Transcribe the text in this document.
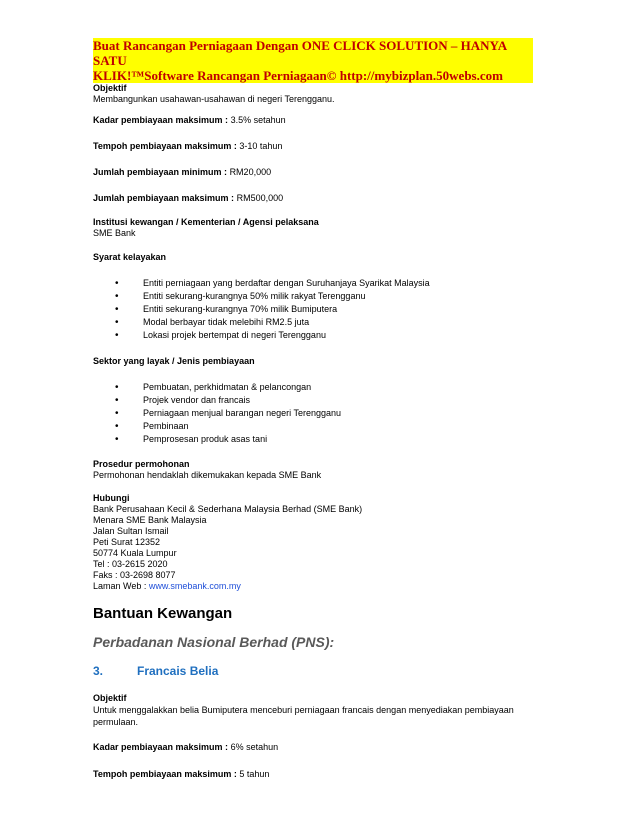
Buat Rancangan Perniagaan Dengan ONE CLICK SOLUTION – HANYA SATU
KLIK!™Software Rancangan Perniagaan© http://mybizplan.50webs.com
Objektif
Membangunkan usahawan-usahawan di negeri Terengganu.
Kadar pembiayaan maksimum : 3.5% setahun
Tempoh pembiayaan maksimum : 3-10 tahun
Jumlah pembiayaan minimum : RM20,000
Jumlah pembiayaan maksimum : RM500,000
Institusi kewangan / Kementerian / Agensi pelaksana
SME Bank
Syarat kelayakan
• Entiti perniagaan yang berdaftar dengan Suruhanjaya Syarikat Malaysia
• Entiti sekurang-kurangnya 50% milik rakyat Terengganu
• Entiti sekurang-kurangnya 70% milik Bumiputera
• Modal berbayar tidak melebihi RM2.5 juta
• Lokasi projek bertempat di negeri Terengganu
Sektor yang layak / Jenis pembiayaan
• Pembuatan, perkhidmatan & pelancongan
• Projek vendor dan francais
• Perniagaan menjual barangan negeri Terengganu
• Pembinaan
• Pemprosesan produk asas tani
Prosedur permohonan
Permohonan hendaklah dikemukakan kepada SME Bank
Hubungi
Bank Perusahaan Kecil & Sederhana Malaysia Berhad (SME Bank)
Menara SME Bank Malaysia
Jalan Sultan Ismail
Peti Surat 12352
50774 Kuala Lumpur
Tel : 03-2615 2020
Faks : 03-2698 8077
Laman Web : www.smebank.com.my
Bantuan Kewangan
Perbadanan Nasional Berhad (PNS):
3.	Francais Belia
Objektif
Untuk menggalakkan belia Bumiputera menceburi perniagaan francais dengan menyediakan pembiayaan permulaan.
Kadar pembiayaan maksimum : 6% setahun
Tempoh pembiayaan maksimum : 5 tahun
